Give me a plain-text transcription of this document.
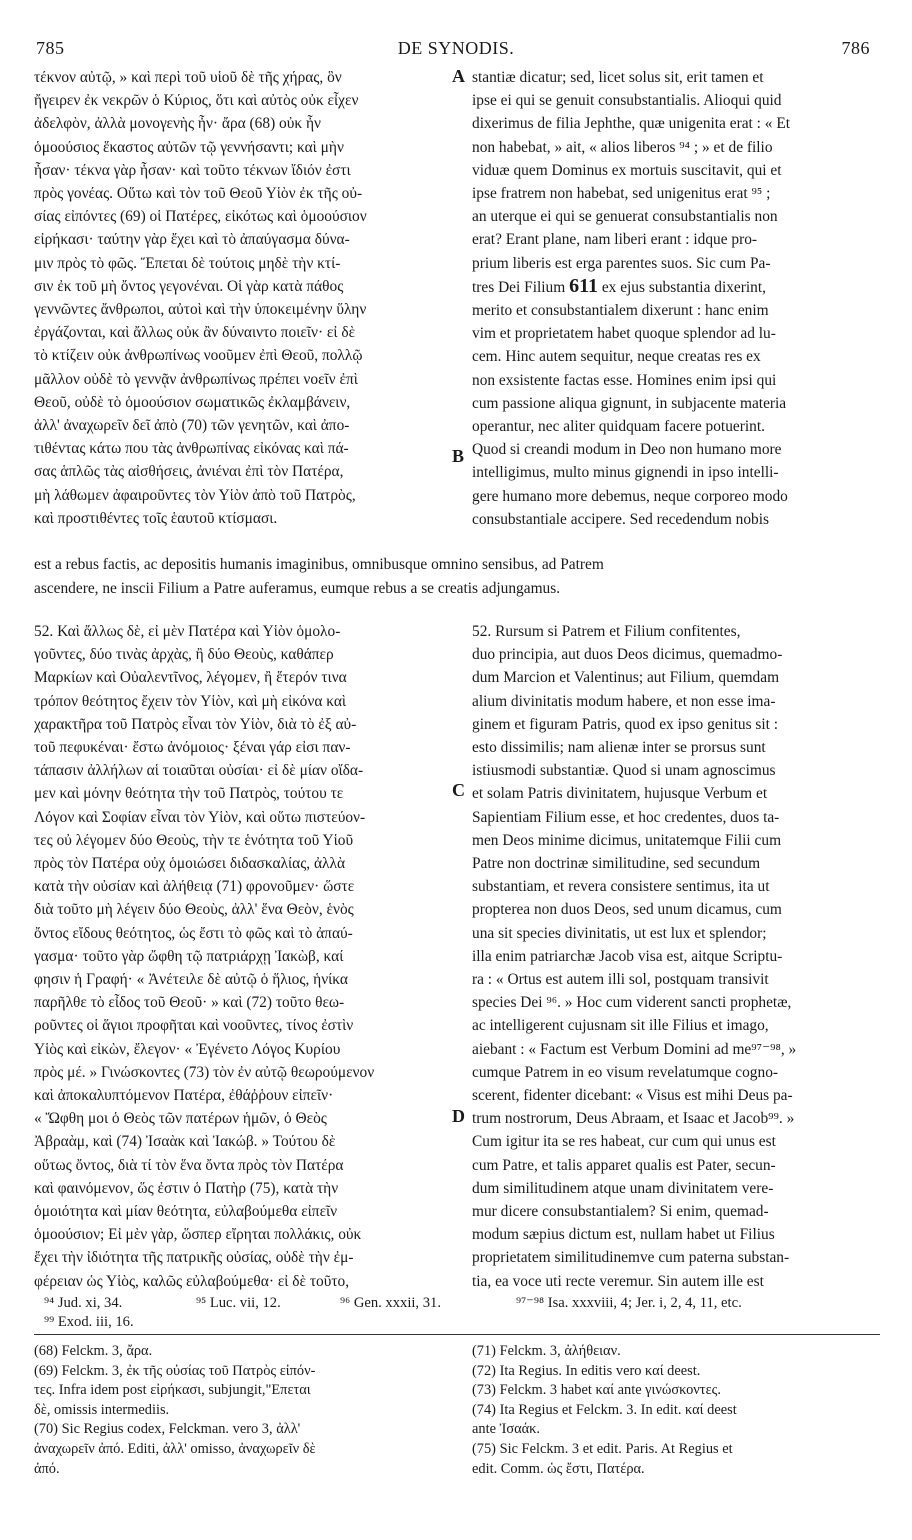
785	DE SYNODIS.	786
A
B
C
D

τέκνον αὐτῷ, » καὶ περὶ τοῦ υἱοῦ δὲ τῆς χήρας, ὃν

ἤγειρεν ἐκ νεκρῶν ὁ Κύριος, ὅτι καὶ αὐτὸς οὐκ εἶχεν

ἀδελφὸν, ἀλλὰ μονογενὴς ἦν· ἄρα (68) οὐκ ἦν

ὁμοούσιος ἕκαστος αὐτῶν τῷ γεννήσαντι; καὶ μὴν

ἦσαν· τέκνα γὰρ ἦσαν· καὶ τοῦτο τέκνων ἴδιόν ἐστι

πρὸς γονέας. Οὕτω καὶ τὸν τοῦ Θεοῦ Υἱὸν ἐκ τῆς οὐ-

σίας εἰπόντες (69) οἱ Πατέρες, εἰκότως καὶ ὁμοούσιον

εἰρήκασι· ταύτην γὰρ ἔχει καὶ τὸ ἀπαύγασμα δύνα-

μιν πρὸς τὸ φῶς. Ἕπεται δὲ τούτοις μηδὲ τὴν κτί-

σιν ἐκ τοῦ μὴ ὄντος γεγονέναι. Οἱ γὰρ κατὰ πάθος

γεννῶντες ἄνθρωποι, αὐτοὶ καὶ τὴν ὑποκειμένην ὕλην

ἐργάζονται, καὶ ἄλλως οὐκ ἂν δύναιντο ποιεῖν· εἰ δὲ

τὸ κτίζειν οὐκ ἀνθρωπίνως νοοῦμεν ἐπὶ Θεοῦ, πολλῷ

μᾶλλον οὐδὲ τὸ γεννᾷν ἀνθρωπίνως πρέπει νοεῖν ἐπὶ

Θεοῦ, οὐδὲ τὸ ὁμοούσιον σωματικῶς ἐκλαμβάνειν,

ἀλλ' ἀναχωρεῖν δεῖ ἀπὸ (70) τῶν γενητῶν, καὶ ἀπο-

τιθέντας κάτω που τὰς ἀνθρωπίνας εἰκόνας καὶ πά-

σας ἁπλῶς τὰς αἰσθήσεις, ἀνιέναι ἐπὶ τὸν Πατέρα,

μὴ λάθωμεν ἀφαιροῦντες τὸν Υἱὸν ἀπὸ τοῦ Πατρὸς,

καὶ προστιθέντες τοῖς ἑαυτοῦ κτίσμασι.

stantiæ dicatur; sed, licet solus sit, erit tamen et

ipse ei qui se genuit consubstantialis. Alioqui quid

dixerimus de filia Jephthe, quæ unigenita erat : « Et

non habebat, » ait, « alios liberos ⁹⁴ ; » et de filio

viduæ quem Dominus ex mortuis suscitavit, qui et

ipse fratrem non habebat, sed unigenitus erat ⁹⁵ ;

an uterque ei qui se genuerat consubstantialis non

erat? Erant plane, nam liberi erant : idque pro-

prium liberis est erga parentes suos. Sic cum Pa-

tres Dei Filium 611 ex ejus substantia dixerint,

merito et consubstantialem dixerunt : hanc enim

vim et proprietatem habet quoque splendor ad lu-

cem. Hinc autem sequitur, neque creatas res ex

non exsistente factas esse. Homines enim ipsi qui

cum passione aliqua gignunt, in subjacente materia

operantur, nec aliter quidquam facere potuerint.

Quod si creandi modum in Deo non humano more

intelligimus, multo minus gignendi in ipso intelli-

gere humano more debemus, neque corporeo modo

consubstantiale accipere. Sed recedendum nobis

est a rebus factis, ac depositis humanis imaginibus, omnibusque omnino sensibus, ad Patrem
ascendere, ne inscii Filium a Patre auferamus, eumque rebus a se creatis adjungamus.

52. Καὶ ἄλλως δὲ, εἰ μὲν Πατέρα καὶ Υἱὸν ὁμολο-

γοῦντες, δύο τινὰς ἀρχὰς, ἢ δύο Θεοὺς, καθάπερ

Μαρκίων καὶ Οὐαλεντῖνος, λέγομεν, ἢ ἕτερόν τινα

τρόπον θεότητος ἔχειν τὸν Υἱὸν, καὶ μὴ εἰκόνα καὶ

χαρακτῆρα τοῦ Πατρὸς εἶναι τὸν Υἱὸν, διὰ τὸ ἐξ αὐ-

τοῦ πεφυκέναι· ἔστω ἀνόμοιος· ξέναι γάρ εἰσι παν-

τάπασιν ἀλλήλων αἱ τοιαῦται οὐσίαι· εἰ δὲ μίαν οἴδα-

μεν καὶ μόνην θεότητα τὴν τοῦ Πατρὸς, τούτου τε

Λόγον καὶ Σοφίαν εἶναι τὸν Υἱὸν, καὶ οὕτω πιστεύον-

τες οὐ λέγομεν δύο Θεοὺς, τὴν τε ἑνότητα τοῦ Υἱοῦ

πρὸς τὸν Πατέρα οὐχ ὁμοιώσει διδασκαλίας, ἀλλὰ

κατὰ τὴν οὐσίαν καὶ ἀλήθειᾳ (71) φρονοῦμεν· ὥστε

διὰ τοῦτο μὴ λέγειν δύο Θεοὺς, ἀλλ' ἕνα Θεὸν, ἑνὸς

ὄντος εἴδους θεότητος, ὡς ἔστι τὸ φῶς καὶ τὸ ἀπαύ-

γασμα· τοῦτο γὰρ ὤφθη τῷ πατριάρχῃ Ἰακὼβ, καί

φησιν ἡ Γραφή· « Ἀνέτειλε δὲ αὐτῷ ὁ ἥλιος, ἡνίκα

παρῆλθε τὸ εἶδος τοῦ Θεοῦ· » καὶ (72) τοῦτο θεω-

ροῦντες οἱ ἅγιοι προφῆται καὶ νοοῦντες, τίνος ἐστὶν

Υἱὸς καὶ εἰκὼν, ἔλεγον· « Ἐγένετο Λόγος Κυρίου

πρὸς μέ. » Γινώσκοντες (73) τὸν ἐν αὐτῷ θεωρούμενον

καὶ ἀποκαλυπτόμενον Πατέρα, ἐθάῤῥουν εἰπεῖν·

« Ὤφθη μοι ὁ Θεὸς τῶν πατέρων ἡμῶν, ὁ Θεὸς

Ἀβραὰμ, καὶ (74) Ἰσαὰκ καὶ Ἰακώβ. » Τούτου δὲ

οὕτως ὄντος, διὰ τί τὸν ἕνα ὄντα πρὸς τὸν Πατέρα

καὶ φαινόμενον, ὥς ἐστιν ὁ Πατὴρ (75), κατὰ τὴν

ὁμοιότητα καὶ μίαν θεότητα, εὐλαβούμεθα εἰπεῖν

ὁμοούσιον; Εἰ μὲν γὰρ, ὥσπερ εἴρηται πολλάκις, οὐκ

ἔχει τὴν ἰδιότητα τῆς πατρικῆς οὐσίας, οὐδὲ τὴν ἐμ-

φέρειαν ὡς Υἱὸς, καλῶς εὐλαβούμεθα· εἰ δὲ τοῦτο,

52. Rursum si Patrem et Filium confitentes,

duo principia, aut duos Deos dicimus, quemadmo-

dum Marcion et Valentinus; aut Filium, quemdam

alium divinitatis modum habere, et non esse ima-

ginem et figuram Patris, quod ex ipso genitus sit :

esto dissimilis; nam alienæ inter se prorsus sunt

istiusmodi substantiæ. Quod si unam agnoscimus

et solam Patris divinitatem, hujusque Verbum et

Sapientiam Filium esse, et hoc credentes, duos ta-

men Deos minime dicimus, unitatemque Filii cum

Patre non doctrinæ similitudine, sed secundum

substantiam, et revera consistere sentimus, ita ut

propterea non duos Deos, sed unum dicamus, cum

una sit species divinitatis, ut est lux et splendor;

illa enim patriarchæ Jacob visa est, aitque Scriptu-

ra : « Ortus est autem illi sol, postquam transivit

species Dei ⁹⁶. » Hoc cum viderent sancti prophetæ,

ac intelligerent cujusnam sit ille Filius et imago,

aiebant : « Factum est Verbum Domini ad me⁹⁷⁻⁹⁸, »

cumque Patrem in eo visum revelatumque cogno-

scerent, fidenter dicebant: « Visus est mihi Deus pa-

trum nostrorum, Deus Abraam, et Isaac et Jacob⁹⁹. »

Cum igitur ita se res habeat, cur cum qui unus est

cum Patre, et talis apparet qualis est Pater, secun-

dum similitudinem atque unam divinitatem vere-

mur dicere consubstantialem? Si enim, quemad-

modum sæpius dictum est, nullam habet ut Filius

proprietatem similitudinemve cum paterna substan-

tia, ea voce uti recte veremur. Sin autem ille est

⁹⁴ Jud. xi, 34.	⁹⁵ Luc. vii, 12.	⁹⁶ Gen. xxxii, 31.	⁹⁷⁻⁹⁸ Isa. xxxviii, 4; Jer. i, 2, 4, 11, etc.
⁹⁹ Exod. iii, 16.

(68) Felckm. 3, ἄρα.

(69) Felckm. 3, ἐκ τῆς οὐσίας τοῦ Πατρὸς εἰπόν-

τες. Infra idem post εἰρήκασι, subjungit,"Επεται

δὲ, omissis intermediis.

(70) Sic Regius codex, Felckman. vero 3, ἀλλ'

ἀναχωρεῖν ἀπό. Editi, ἀλλ' omisso, ἀναχωρεῖν δὲ

ἀπό.

(71) Felckm. 3, ἀλήθειαν.

(72) Ita Regius. In editis vero καί deest.

(73) Felckm. 3 habet καί ante γινώσκοντες.

(74) Ita Regius et Felckm. 3. In edit. καί deest

ante Ἰσαάκ.

(75) Sic Felckm. 3 et edit. Paris. At Regius et

edit. Comm. ὡς ἔστι, Πατέρα.
